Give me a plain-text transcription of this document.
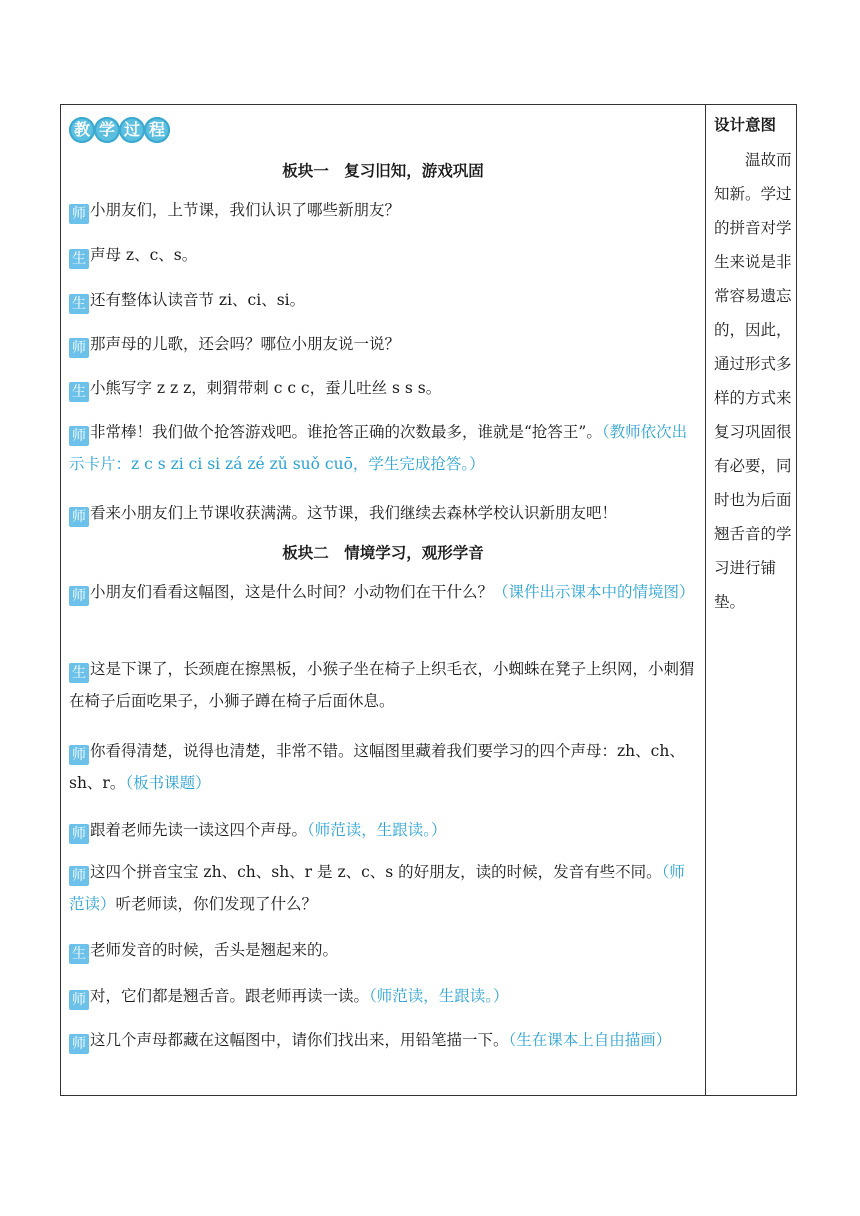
教 学 过 程
板块一　复习旧知，游戏巩固
师 小朋友们，上节课，我们认识了哪些新朋友？
生 声母 z、c、s。
生 还有整体认读音节 zi、ci、si。
师 那声母的儿歌，还会吗？哪位小朋友说一说？
生 小熊写字 z z z，刺猬带刺 c c c，蚕儿吐丝 s s s。
师 非常棒！我们做个抢答游戏吧。谁抢答正确的次数最多，谁就是“抢答王”。（教师依次出示卡片：z c s zi ci si zá zé zǔ suǒ cuō，学生完成抢答。）
师 看来小朋友们上节课收获满满。这节课，我们继续去森林学校认识新朋友吧！
板块二　情境学习，观形学音
师 小朋友们看看这幅图，这是什么时间？小动物们在干什么？（课件出示课本中的情境图）
生 这是下课了，长颈鹿在擦黑板，小猴子坐在椅子上织毛衣，小蜘蛛在凳子上织网，小刺猬在椅子后面吃果子，小狮子蹲在椅子后面休息。
师 你看得清楚，说得也清楚，非常不错。这幅图里藏着我们要学习的四个声母：zh、ch、sh、r。（板书课题）
师 跟着老师先读一读这四个声母。（师范读，生跟读。）
师 这四个拼音宝宝 zh、ch、sh、r 是 z、c、s 的好朋友，读的时候，发音有些不同。（师范读）听老师读，你们发现了什么？
生 老师发音的时候，舌头是翘起来的。
师 对，它们都是翘舌音。跟老师再读一读。（师范读，生跟读。）
师 这几个声母都藏在这幅图中，请你们找出来，用铅笔描一下。（生在课本上自由描画）
设计意图
温故而知新。学过的拼音对学生来说是非常容易遗忘的，因此，通过形式多样的方式来复习巩固很有必要，同时也为后面翘舌音的学习进行铺垫。
